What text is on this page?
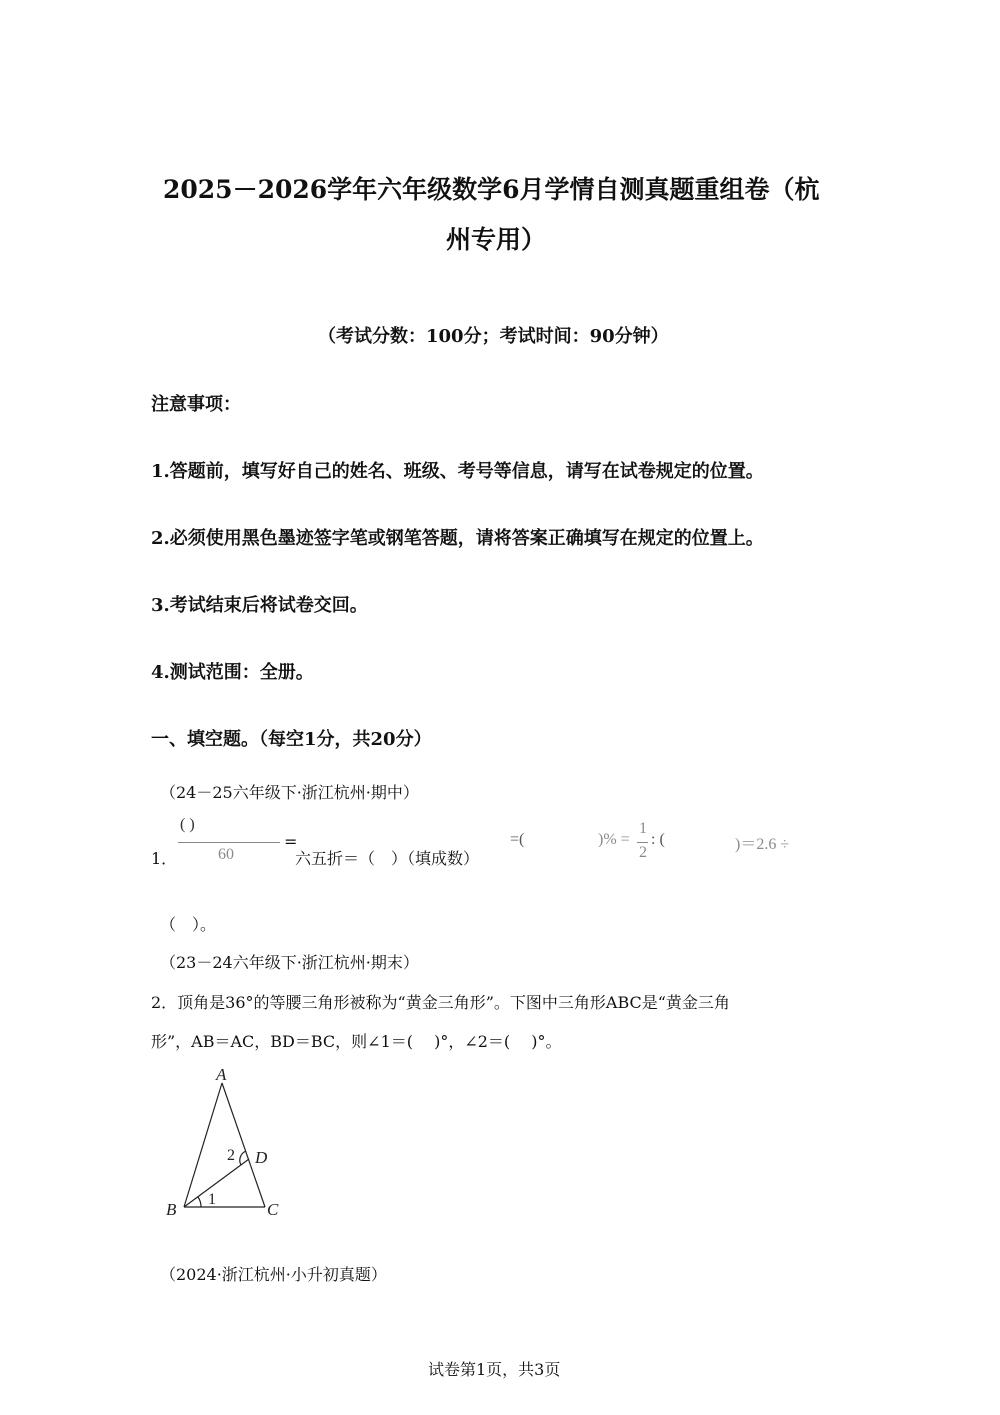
2025－2026学年六年级数学6月学情自测真题重组卷（杭
州专用）
（考试分数：100分；考试时间：90分钟）
注意事项：
1.答题前，填写好自己的姓名、班级、考号等信息，请写在试卷规定的位置。
2.必须使用黑色墨迹签字笔或钢笔答题，请将答案正确填写在规定的位置上。
3.考试结束后将试卷交回。
4.测试范围：全册。
一、填空题。（每空1分，共20分）
（24－25六年级下·浙江杭州·期中）
1．
( )
60
=
六五折＝（　）（填成数）
=(	)% =
1
2
: (	)＝2.6 ÷
（　）。
（23－24六年级下·浙江杭州·期末）
2．顶角是36°的等腰三角形被称为“黄金三角形”。下图中三角形ABC是“黄金三角
形”，AB＝AC，BD＝BC，则∠1＝(　 )°，∠2＝(　 )°。
A
B	C
D
1
2
（2024·浙江杭州·小升初真题）
试卷第1页，共3页
